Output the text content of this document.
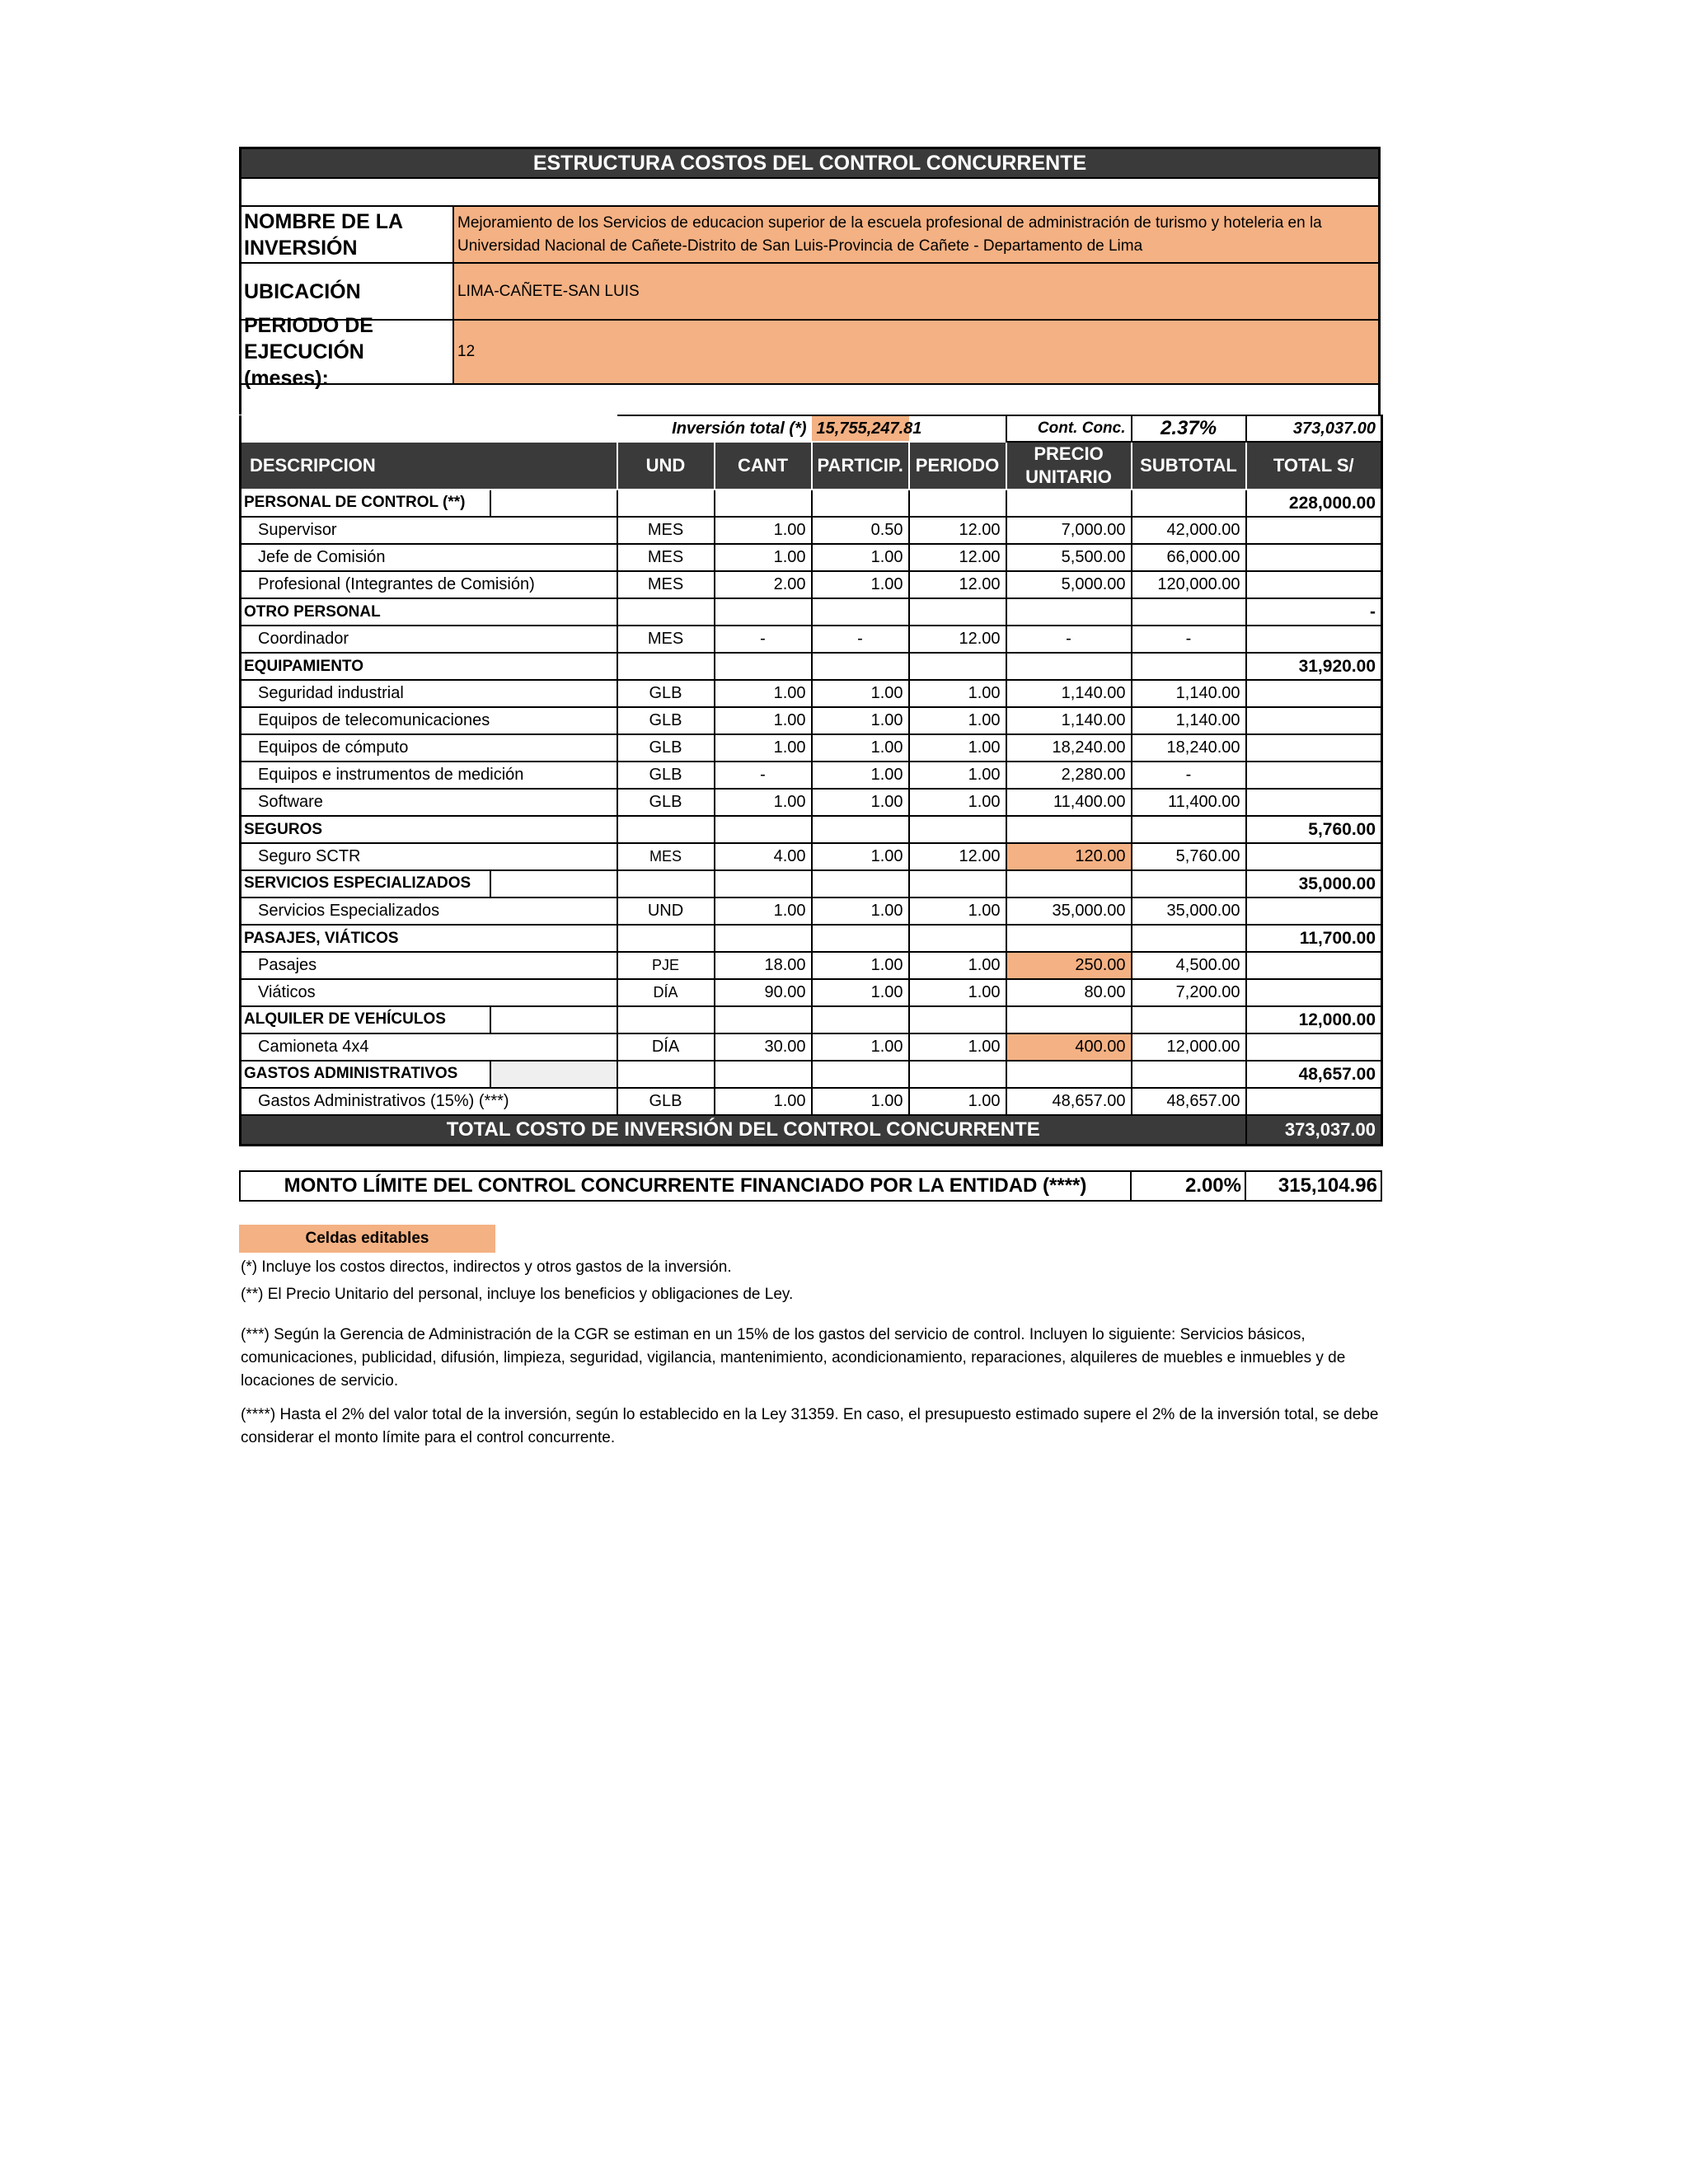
ESTRUCTURA COSTOS DEL CONTROL CONCURRENTE
NOMBRE DE LA INVERSIÓN
Mejoramiento de los Servicios de educacion superior de la escuela profesional de administración de turismo y hoteleria en la Universidad Nacional de Cañete-Distrito de San Luis-Provincia de Cañete - Departamento de Lima
UBICACIÓN	LIMA-CAÑETE-SAN LUIS
PERIODO DE EJECUCIÓN (meses):
12
	Inversión total (*)		15,755,247.81		Cont. Conc.	2.37%	373,037.00
DESCRIPCION	UND	CANT	PARTICIP.	PERIODO	PRECIO UNITARIO	SUBTOTAL	TOTAL S/

PERSONAL DE CONTROL (**)							228,000.00
Supervisor	MES	1.00	0.50	12.00	7,000.00	42,000.00	
Jefe de Comisión	MES	1.00	1.00	12.00	5,500.00	66,000.00	
Profesional (Integrantes de Comisión)	MES	2.00	1.00	12.00	5,000.00	120,000.00	
OTRO PERSONAL							-
Coordinador	MES	-	-	12.00	-	-	
EQUIPAMIENTO							31,920.00
Seguridad industrial	GLB	1.00	1.00	1.00	1,140.00	1,140.00	
Equipos de telecomunicaciones	GLB	1.00	1.00	1.00	1,140.00	1,140.00	
Equipos de cómputo	GLB	1.00	1.00	1.00	18,240.00	18,240.00	
Equipos e instrumentos de medición	GLB	-	1.00	1.00	2,280.00	-	
Software	GLB	1.00	1.00	1.00	11,400.00	11,400.00	
SEGUROS							5,760.00
Seguro SCTR	MES	4.00	1.00	12.00	120.00	5,760.00	

SERVICIOS ESPECIALIZADOS							35,000.00
Servicios Especializados	UND	1.00	1.00	1.00	35,000.00	35,000.00	
PASAJES, VIÁTICOS							11,700.00
Pasajes	PJE	18.00	1.00	1.00	250.00	4,500.00	
Viáticos	DÍA	90.00	1.00	1.00	80.00	7,200.00	

ALQUILER DE VEHÍCULOS							12,000.00
Camioneta 4x4	DÍA	30.00	1.00	1.00	400.00	12,000.00	

GASTOS ADMINISTRATIVOS							48,657.00
Gastos Administrativos (15%) (***)	GLB	1.00	1.00	1.00	48,657.00	48,657.00	
TOTAL COSTO DE INVERSIÓN DEL CONTROL CONCURRENTE							373,037.00
MONTO LÍMITE DEL CONTROL CONCURRENTE FINANCIADO POR LA ENTIDAD (****)	2.00%	315,104.96
Celdas editables
(*) Incluye los costos directos, indirectos y otros gastos de la inversión.
(**) El Precio Unitario del personal, incluye los beneficios y obligaciones de Ley.
(***) Según la Gerencia de Administración de la CGR se estiman en un 15% de los gastos del servicio de control. Incluyen lo siguiente: Servicios básicos, comunicaciones, publicidad, difusión, limpieza, seguridad, vigilancia, mantenimiento, acondicionamiento, reparaciones, alquileres de muebles e inmuebles y de locaciones de servicio.
(****) Hasta el 2% del valor total de la inversión, según lo establecido en la Ley 31359. En caso, el presupuesto estimado supere el 2% de la inversión total, se debe considerar el monto límite para el control concurrente.
